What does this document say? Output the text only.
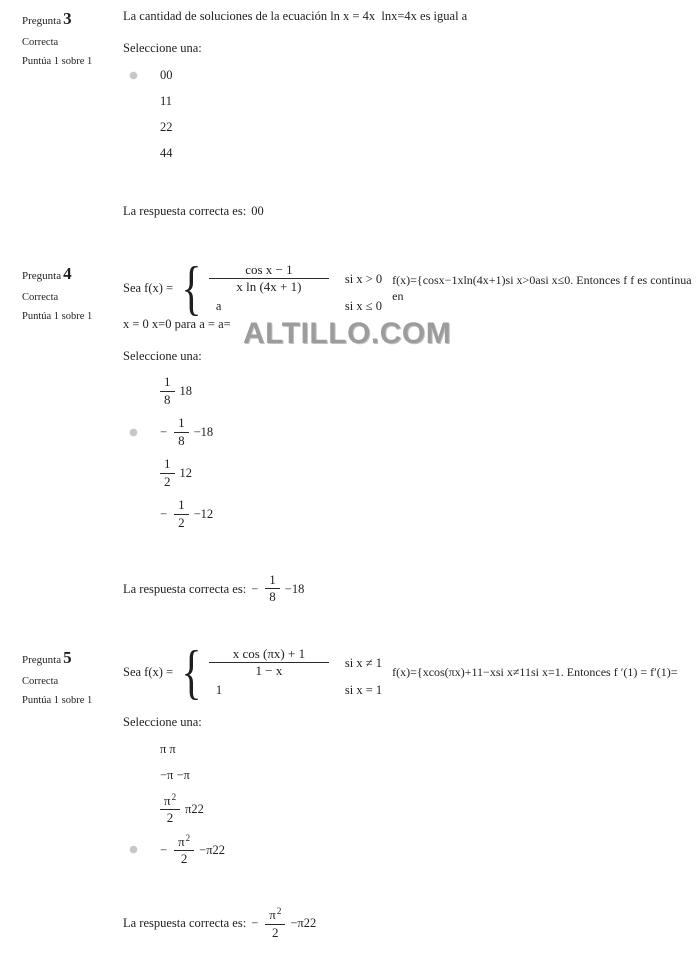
ALTILLO.COM
Pregunta 3
Correcta
Puntúa 1 sobre 1
La cantidad de soluciones de la ecuación ln x = 4x lnx=4x es igual a
Seleccione una:
00
11
22
44
La respuesta correcta es: 00
Pregunta 4
Correcta
Puntúa 1 sobre 1
Sea f(x) = { $\frac{\text{cos x − 1}}{\text{x ln (4x + 1)}}$ si x > 0
a	si x ≤ 0
f(x)={cosx−1xln(4x+1)si x>0asi x≤0. Entonces f f es continua en
x = 0 x=0 para a = a=
Seleccione una:
$\frac{1}{8} 18$
− $\frac{1}{8} -18$
$\frac{1}{2} 12$
− $\frac{1}{2} -12$
La respuesta correcta es: − $\frac{1}{8} -18$
Pregunta 5
Correcta
Puntúa 1 sobre 1
Sea f(x) = { $\frac{\text{x cos (πx) + 1}}{1 - x}$ si x ≠ 1
1	si x = 1
f(x)={xcos(πx)+11−xsi x≠11si x=1. Entonces f ′(1) = f′(1)=
Seleccione una:
π π
−π −π
$\frac{\pi^2}{2} \pi 22$
− $\frac{\pi^2}{2} -\pi 22$
La respuesta correcta es: − $\frac{\pi^2}{2} -\pi 22$
